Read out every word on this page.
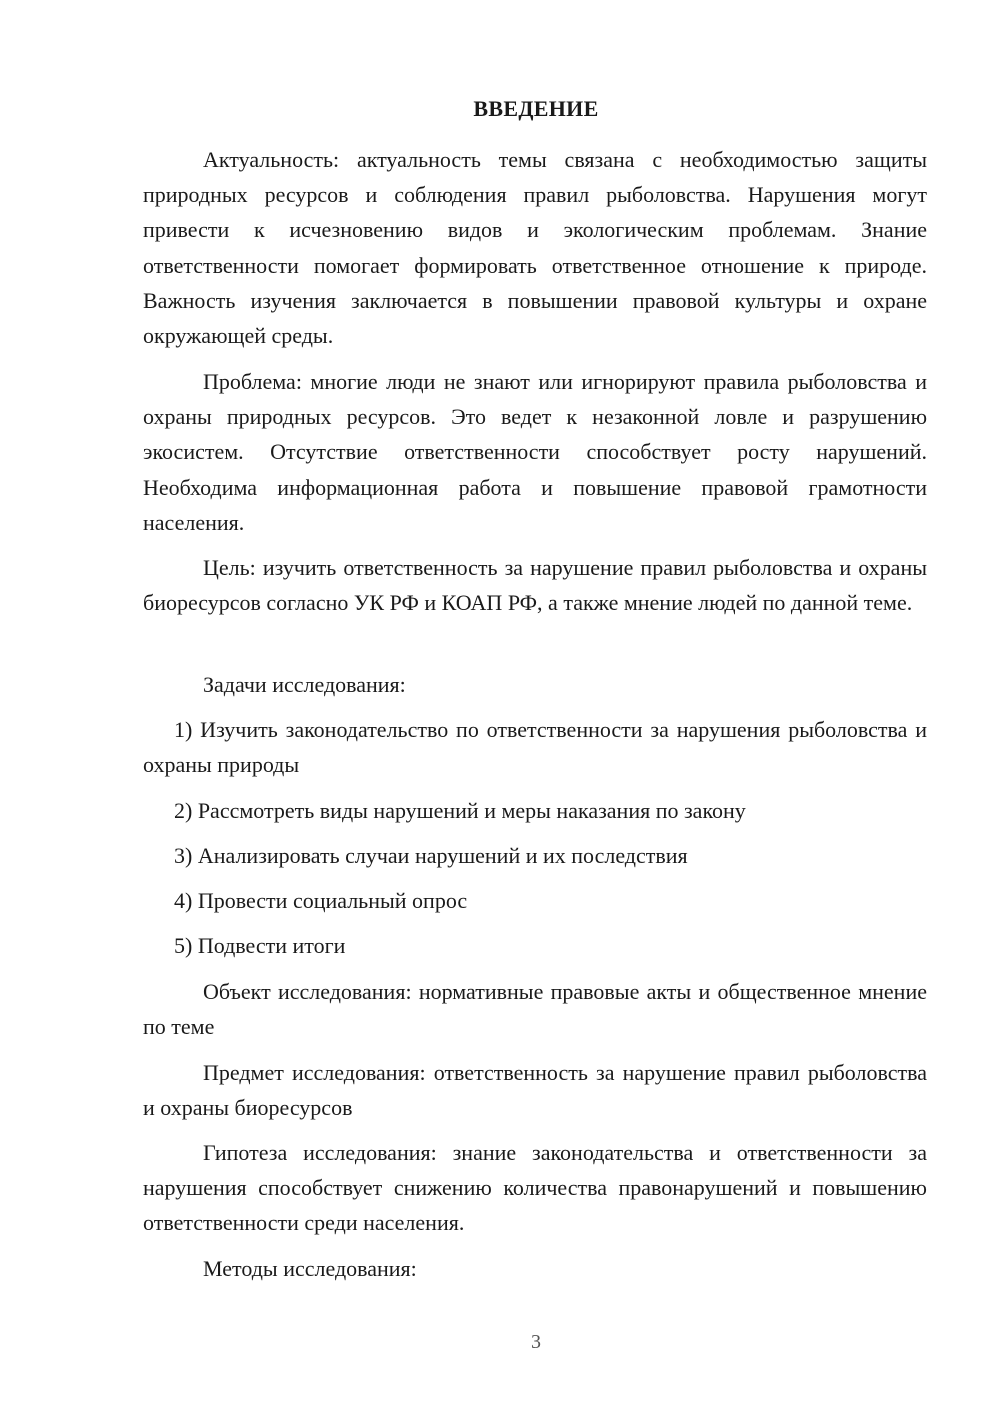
ВВЕДЕНИЕ

Актуальность: актуальность темы связана с необходимостью защиты природных ресурсов и соблюдения правил рыболовства. Нарушения могут привести к исчезновению видов и экологическим проблемам. Знание ответственности помогает формировать ответственное отношение к природе. Важность изучения заключается в повышении правовой культуры и охране окружающей среды.

Проблема: многие люди не знают или игнорируют правила рыболовства и охраны природных ресурсов. Это ведет к незаконной ловле и разрушению экосистем. Отсутствие ответственности способствует росту нарушений. Необходима информационная работа и повышение правовой грамотности населения.

Цель: изучить ответственность за нарушение правил рыболовства и охраны биоресурсов согласно УК РФ и КОАП РФ, а также мнение людей по данной теме.

Задачи исследования:

1) Изучить законодательство по ответственности за нарушения рыболовства и охраны природы

2) Рассмотреть виды нарушений и меры наказания по закону

3) Анализировать случаи нарушений и их последствия

4) Провести социальный опрос

5) Подвести итоги

Объект исследования: нормативные правовые акты и общественное мнение по теме

Предмет исследования: ответственность за нарушение правил рыболовства и охраны биоресурсов

Гипотеза исследования: знание законодательства и ответственности за нарушения способствует снижению количества правонарушений и повышению ответственности среди населения.

Методы исследования:

3
